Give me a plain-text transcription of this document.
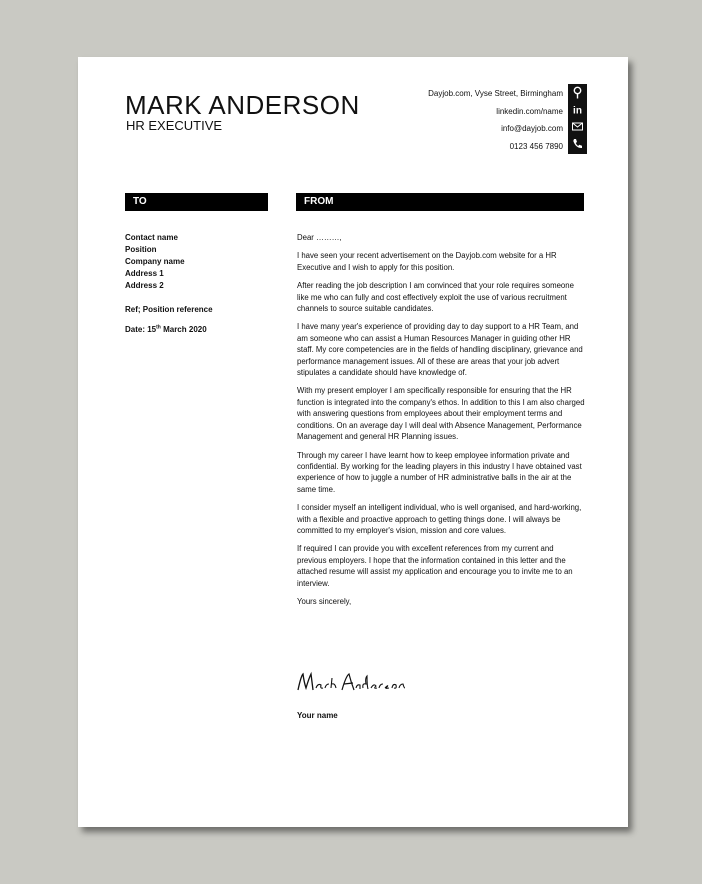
MARK ANDERSON
HR EXECUTIVE
Dayjob.com, Vyse Street, Birmingham
linkedin.com/name
info@dayjob.com
0123 456 7890
in
TO	FROM
Contact name
Position
Company name
Address 1
Address 2
Ref; Position reference
Date: 15th March 2020

Dear ………,

I have seen your recent advertisement on the Dayjob.com website for a HR Executive and I wish to apply for this position.

After reading the job description I am convinced that your role requires someone like me who can fully and cost effectively exploit the use of various recruitment channels to source suitable candidates.

I have many year's experience of providing day to day support to a HR Team, and am someone who can assist a Human Resources Manager in guiding other HR staff. My core competencies are in the fields of handling disciplinary, grievance and performance management issues. All of these are areas that your job advert stipulates a candidate should have knowledge of.

With my present employer I am specifically responsible for ensuring that the HR function is integrated into the company's ethos. In addition to this I am also charged with answering questions from employees about their employment terms and conditions. On an average day I will deal with Absence Management, Performance Management and general HR Planning issues.

Through my career I have learnt how to keep employee information private and confidential. By working for the leading players in this industry I have obtained vast experience of how to juggle a number of HR administrative balls in the air at the same time.

I consider myself an intelligent individual, who is well organised, and hard-working, with a flexible and proactive approach to getting things done. I will always be committed to my employer's vision, mission and core values.

If required I can provide you with excellent references from my current and previous employers. I hope that the information contained in this letter and the attached resume will assist my application and encourage you to invite me to an interview.

Yours sincerely,

Your name
